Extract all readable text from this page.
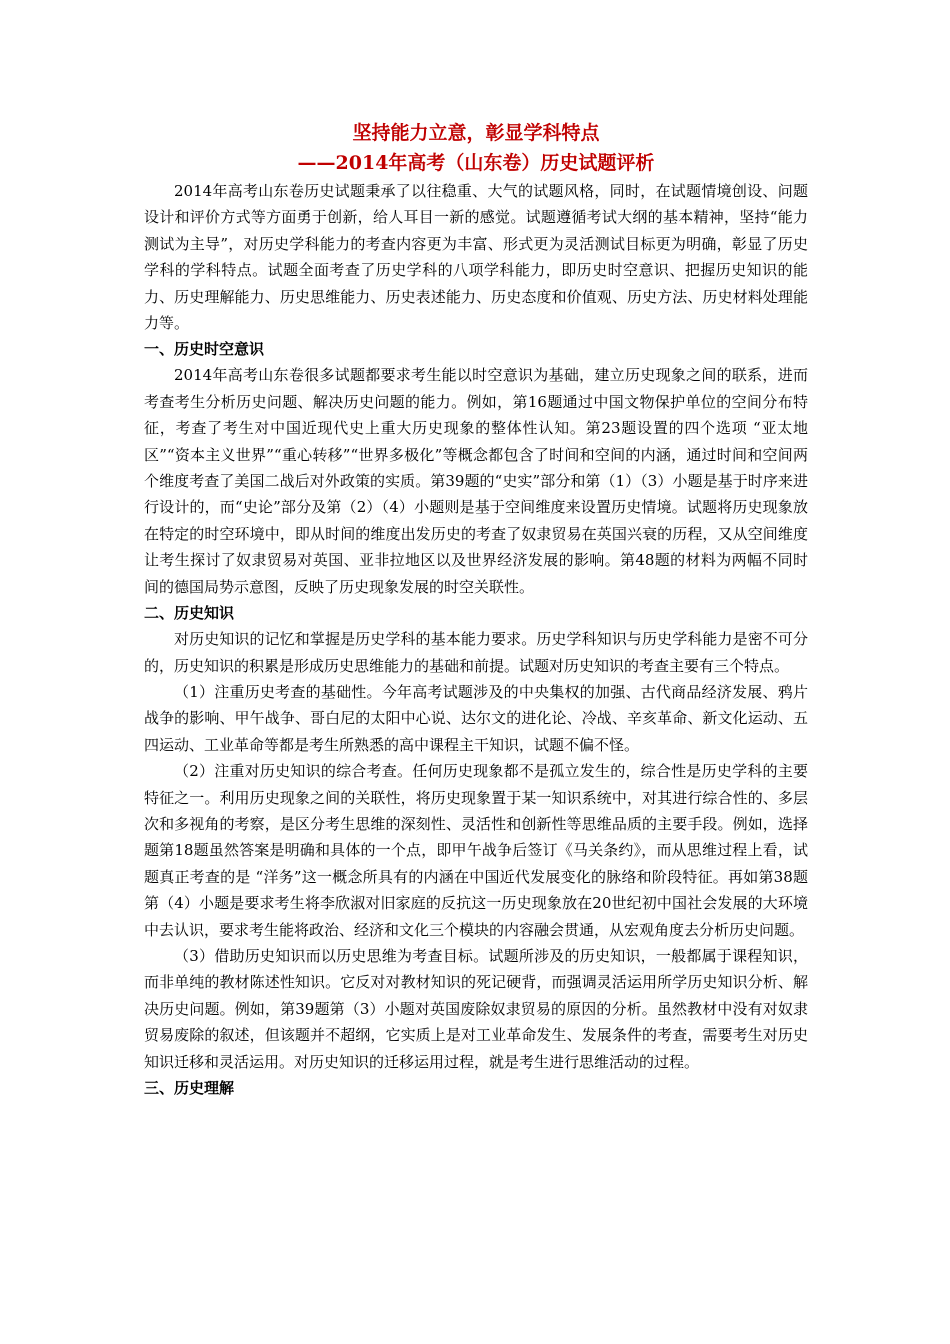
坚持能力立意，彰显学科特点
——2014年高考（山东卷）历史试题评析

2014年高考山东卷历史试题秉承了以往稳重、大气的试题风格，同时，在试题情境创设、问题设计和评价方式等方面勇于创新，给人耳目一新的感觉。试题遵循考试大纲的基本精神，坚持“能力测试为主导”，对历史学科能力的考查内容更为丰富、形式更为灵活测试目标更为明确，彰显了历史学科的学科特点。试题全面考查了历史学科的八项学科能力，即历史时空意识、把握历史知识的能力、历史理解能力、历史思维能力、历史表述能力、历史态度和价值观、历史方法、历史材料处理能力等。

一、历史时空意识

2014年高考山东卷很多试题都要求考生能以时空意识为基础，建立历史现象之间的联系，进而考查考生分析历史问题、解决历史问题的能力。例如，第16题通过中国文物保护单位的空间分布特征，考查了考生对中国近现代史上重大历史现象的整体性认知。第23题设置的四个选项 “亚太地区”“资本主义世界”“重心转移”“世界多极化”等概念都包含了时间和空间的内涵，通过时间和空间两个维度考查了美国二战后对外政策的实质。第39题的“史实”部分和第（1）（3）小题是基于时序来进行设计的，而“史论”部分及第（2）（4）小题则是基于空间维度来设置历史情境。试题将历史现象放在特定的时空环境中，即从时间的维度出发历史的考查了奴隶贸易在英国兴衰的历程，又从空间维度让考生探讨了奴隶贸易对英国、亚非拉地区以及世界经济发展的影响。第48题的材料为两幅不同时间的德国局势示意图，反映了历史现象发展的时空关联性。

二、历史知识

对历史知识的记忆和掌握是历史学科的基本能力要求。历史学科知识与历史学科能力是密不可分的，历史知识的积累是形成历史思维能力的基础和前提。试题对历史知识的考查主要有三个特点。

（1）注重历史考查的基础性。今年高考试题涉及的中央集权的加强、古代商品经济发展、鸦片战争的影响、甲午战争、哥白尼的太阳中心说、达尔文的进化论、冷战、辛亥革命、新文化运动、五四运动、工业革命等都是考生所熟悉的高中课程主干知识，试题不偏不怪。

（2）注重对历史知识的综合考查。任何历史现象都不是孤立发生的，综合性是历史学科的主要特征之一。利用历史现象之间的关联性，将历史现象置于某一知识系统中，对其进行综合性的、多层次和多视角的考察，是区分考生思维的深刻性、灵活性和创新性等思维品质的主要手段。例如，选择题第18题虽然答案是明确和具体的一个点，即甲午战争后签订《马关条约》，而从思维过程上看，试题真正考查的是 “洋务”这一概念所具有的内涵在中国近代发展变化的脉络和阶段特征。再如第38题第（4）小题是要求考生将李欣淑对旧家庭的反抗这一历史现象放在20世纪初中国社会发展的大环境中去认识，要求考生能将政治、经济和文化三个模块的内容融会贯通，从宏观角度去分析历史问题。

（3）借助历史知识而以历史思维为考查目标。试题所涉及的历史知识，一般都属于课程知识，而非单纯的教材陈述性知识。它反对对教材知识的死记硬背，而强调灵活运用所学历史知识分析、解决历史问题。例如，第39题第（3）小题对英国废除奴隶贸易的原因的分析。虽然教材中没有对奴隶贸易废除的叙述，但该题并不超纲，它实质上是对工业革命发生、发展条件的考查，需要考生对历史知识迁移和灵活运用。对历史知识的迁移运用过程，就是考生进行思维活动的过程。

三、历史理解
